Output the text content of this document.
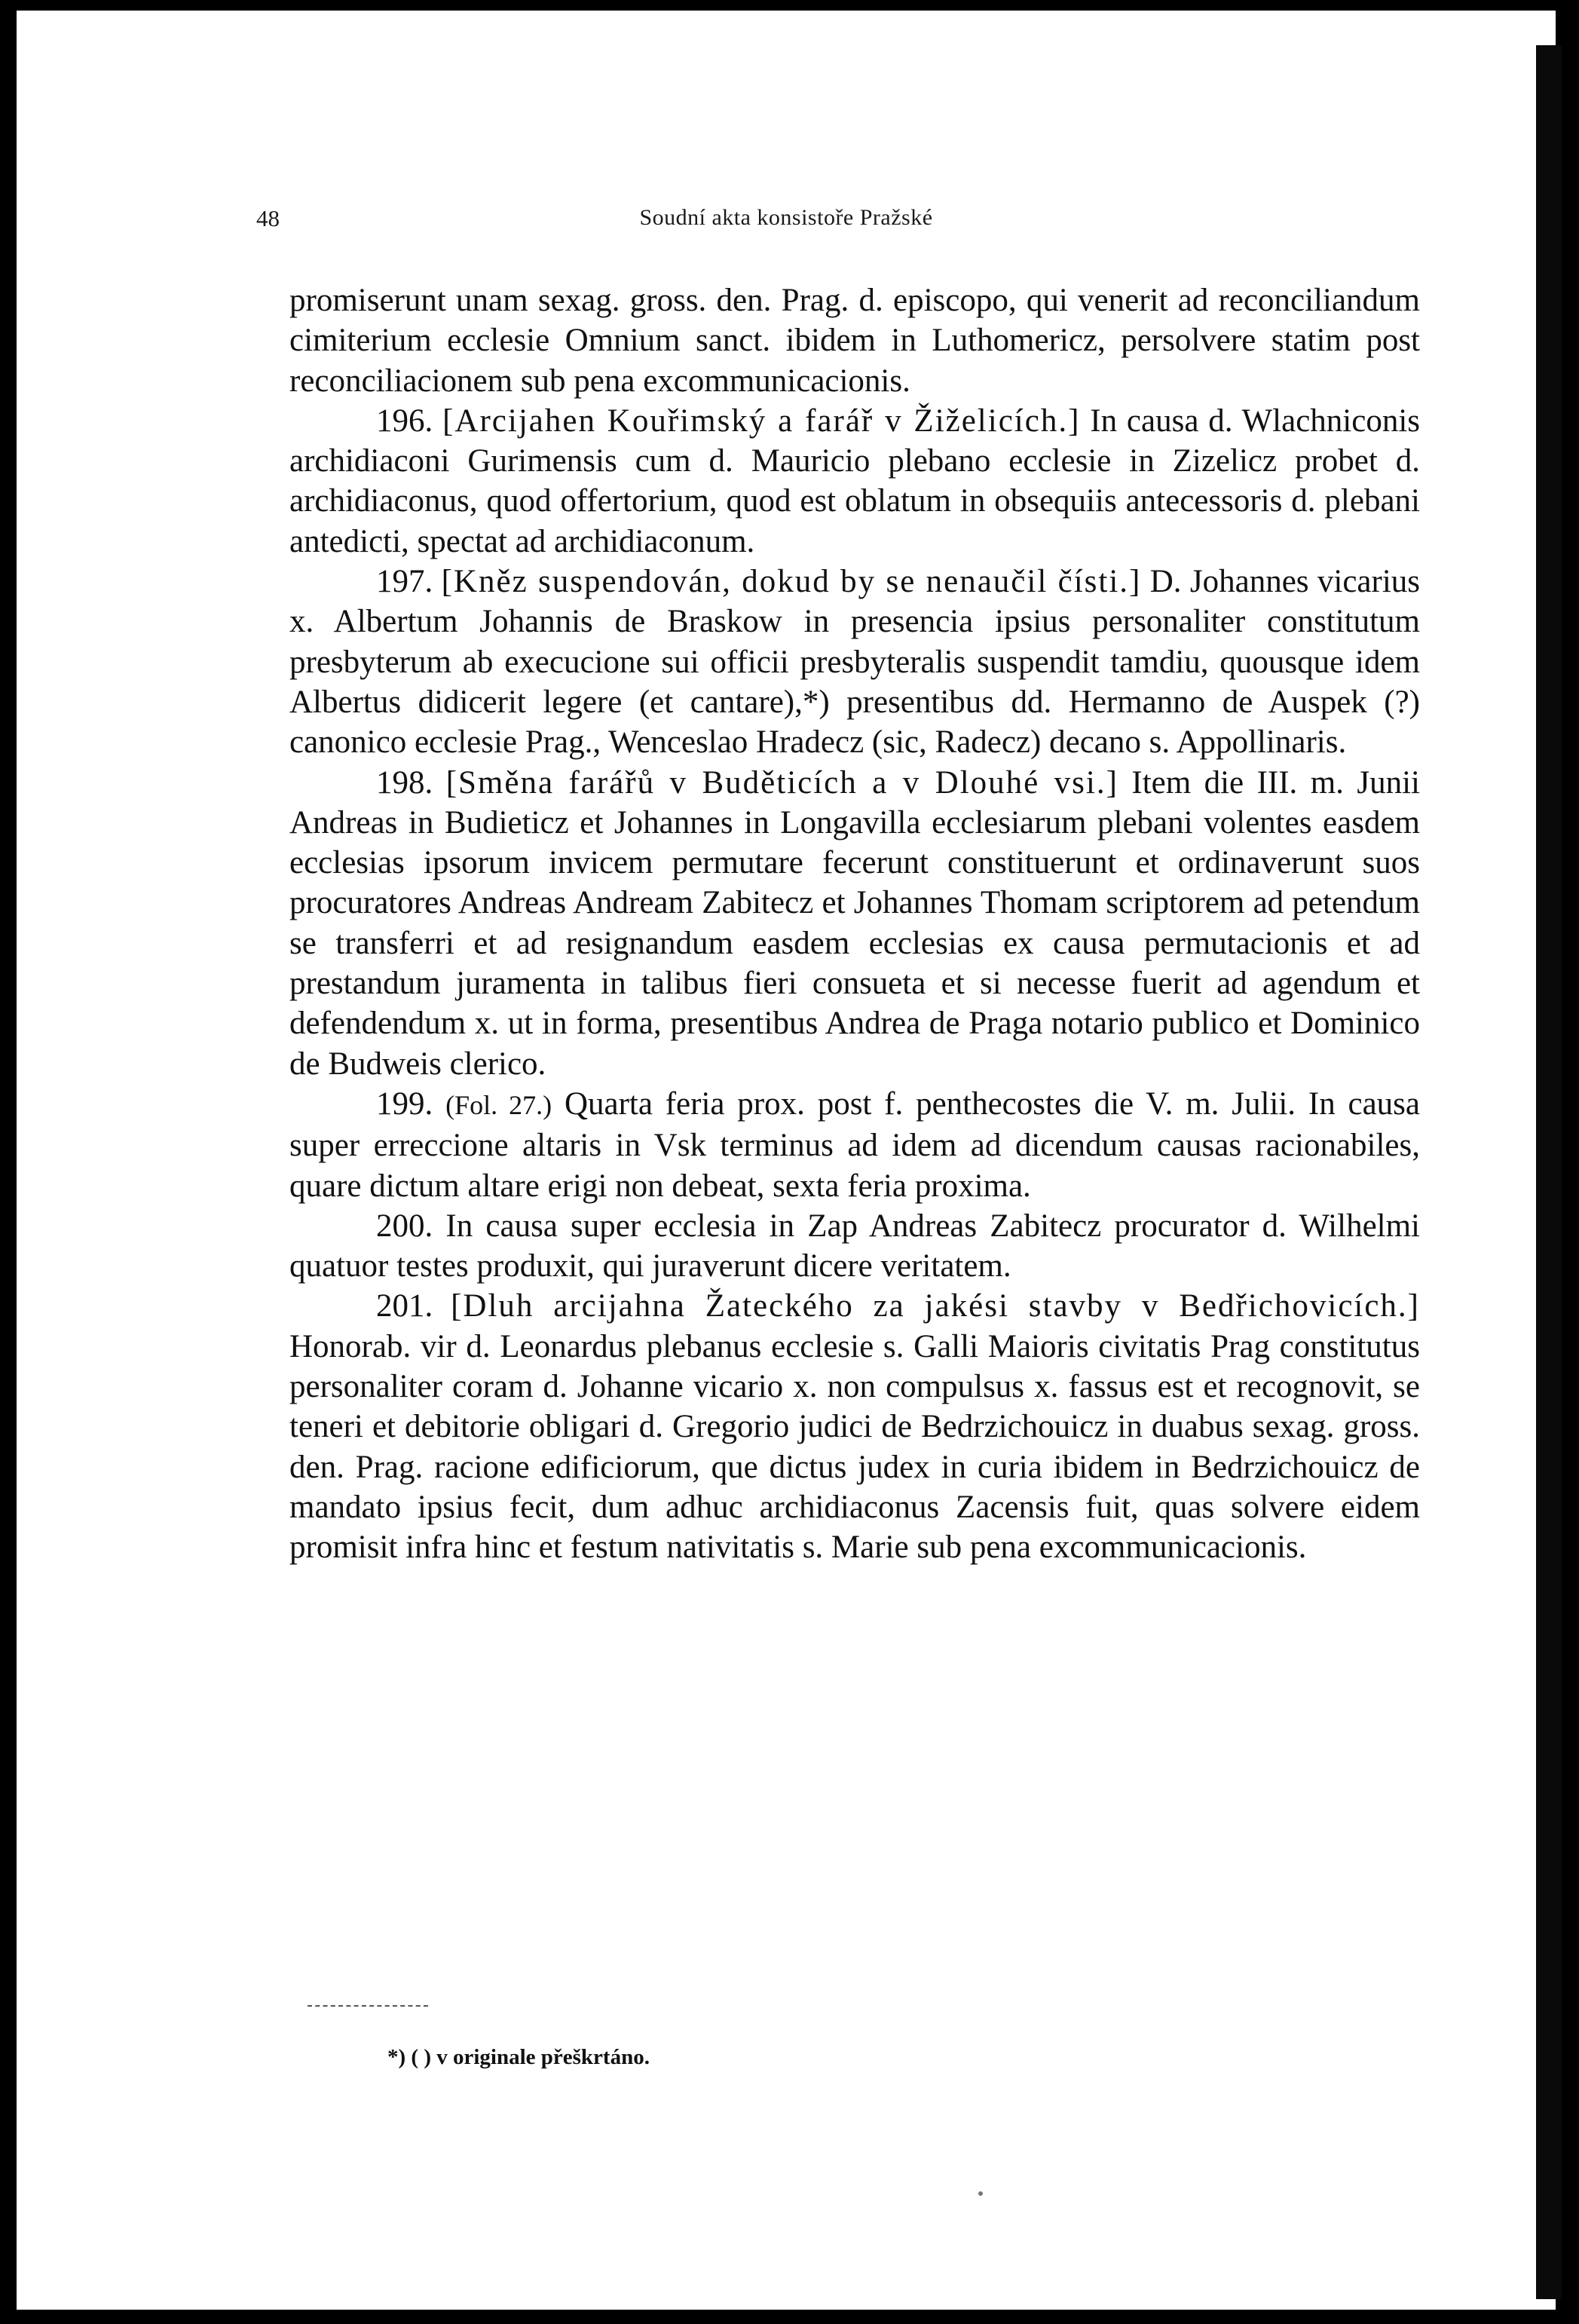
48	Soudní akta konsistoře Pražské

promiserunt unam sexag. gross. den. Prag. d. episcopo, qui venerit ad reconciliandum cimiterium ecclesie Omnium sanct. ibidem in Luthomericz, persolvere statim post reconciliacionem sub pena excommunicacionis.

196. [Arcijahen Kouřimský a farář v Žiželicích.] In causa d. Wlachniconis archidiaconi Gurimensis cum d. Mauricio plebano ecclesie in Zizelicz probet d. archidiaconus, quod offertorium, quod est oblatum in obsequiis antecessoris d. plebani antedicti, spectat ad archidiaconum.

197. [Kněz suspendován, dokud by se nenaučil čísti.] D. Johannes vicarius x. Albertum Johannis de Braskow in presencia ipsius personaliter constitutum presbyterum ab execucione sui officii presbyteralis suspendit tamdiu, quousque idem Albertus didicerit legere (et cantare),*) presentibus dd. Hermanno de Auspek (?) canonico ecclesie Prag., Wenceslao Hradecz (sic, Radecz) decano s. Appollinaris.

198. [Směna farářů v Buděticích a v Dlouhé vsi.] Item die III. m. Junii Andreas in Budieticz et Johannes in Longavilla ecclesiarum plebani volentes easdem ecclesias ipsorum invicem permutare fecerunt constituerunt et ordinaverunt suos procuratores Andreas Andream Zabitecz et Johannes Thomam scriptorem ad petendum se transferri et ad resignandum easdem ecclesias ex causa permutacionis et ad prestandum juramenta in talibus fieri consueta et si necesse fuerit ad agendum et defendendum x. ut in forma, presentibus Andrea de Praga notario publico et Dominico de Budweis clerico.

199. (Fol. 27.) Quarta feria prox. post f. penthecostes die V. m. Julii. In causa super erreccione altaris in Vsk terminus ad idem ad dicendum causas racionabiles, quare dictum altare erigi non debeat, sexta feria proxima.

200. In causa super ecclesia in Zap Andreas Zabitecz procurator d. Wilhelmi quatuor testes produxit, qui juraverunt dicere veritatem.

201. [Dluh arcijahna Žateckého za jakési stavby v Bedřichovicích.] Honorab. vir d. Leonardus plebanus ecclesie s. Galli Maioris civitatis Prag constitutus personaliter coram d. Johanne vicario x. non compulsus x. fassus est et recognovit, se teneri et debitorie obligari d. Gregorio judici de Bedrzichouicz in duabus sexag. gross. den. Prag. racione edificiorum, que dictus judex in curia ibidem in Bedrzichouicz de mandato ipsius fecit, dum adhuc archidiaconus Zacensis fuit, quas solvere eidem promisit infra hinc et festum nativitatis s. Marie sub pena excommunicacionis.

*) ( ) v originale přeškrtáno.
